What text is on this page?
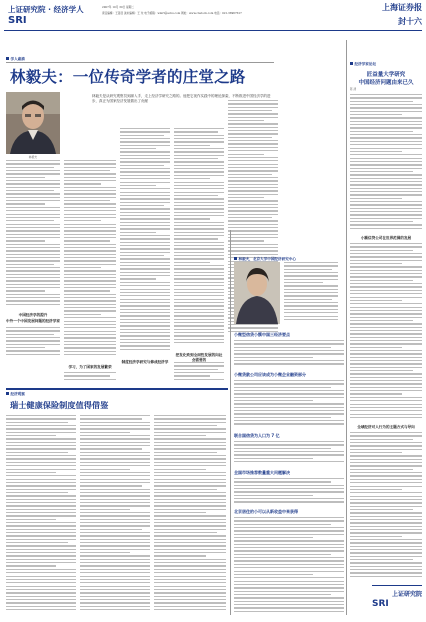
上证研究院 · 经济学人
SRI
2007年 10月 30日 星期二
责任编辑：王蓓佳 美术编辑：王 玟 电子邮箱：wmrt@sohu.com 网址：www.cnstock.com 电话：021-38967527
上海证券报
封十六
学人素描
林毅夫：一位传奇学者的庄堂之路
林毅夫
林毅夫是从研究观察员到副入手，走上经济学研究之路的。他把它视作实践中的理论探索，不断推进中国经济学的进步，真正为国家经济发展做出了贡献
中国经济学的提升
中外一个中国发展问题的经济学家
制度经济学研究与修成经济学
把发化致到全面性发展的向社会需要的
学习，为了国家的发展繁荣
经济观察
瑞士健康保险制度值得借鉴
林毅夫，北京大学中国经济研究中心
小微型信贷小额中国三经济要点
小微贷款公司应该成为小微企业融资部分
联合国信贷为人口为 7 亿
全国市场推荐数量重大问题解决
北京居住的小可以从新收益中来获得
经济学家论坛
匠益量大学研究
中国经济问题由来已久
陈 清
小额信贷公司在世界范围的发展
全球经济对人行为的主题方式与导向
上证研究院
SRI
